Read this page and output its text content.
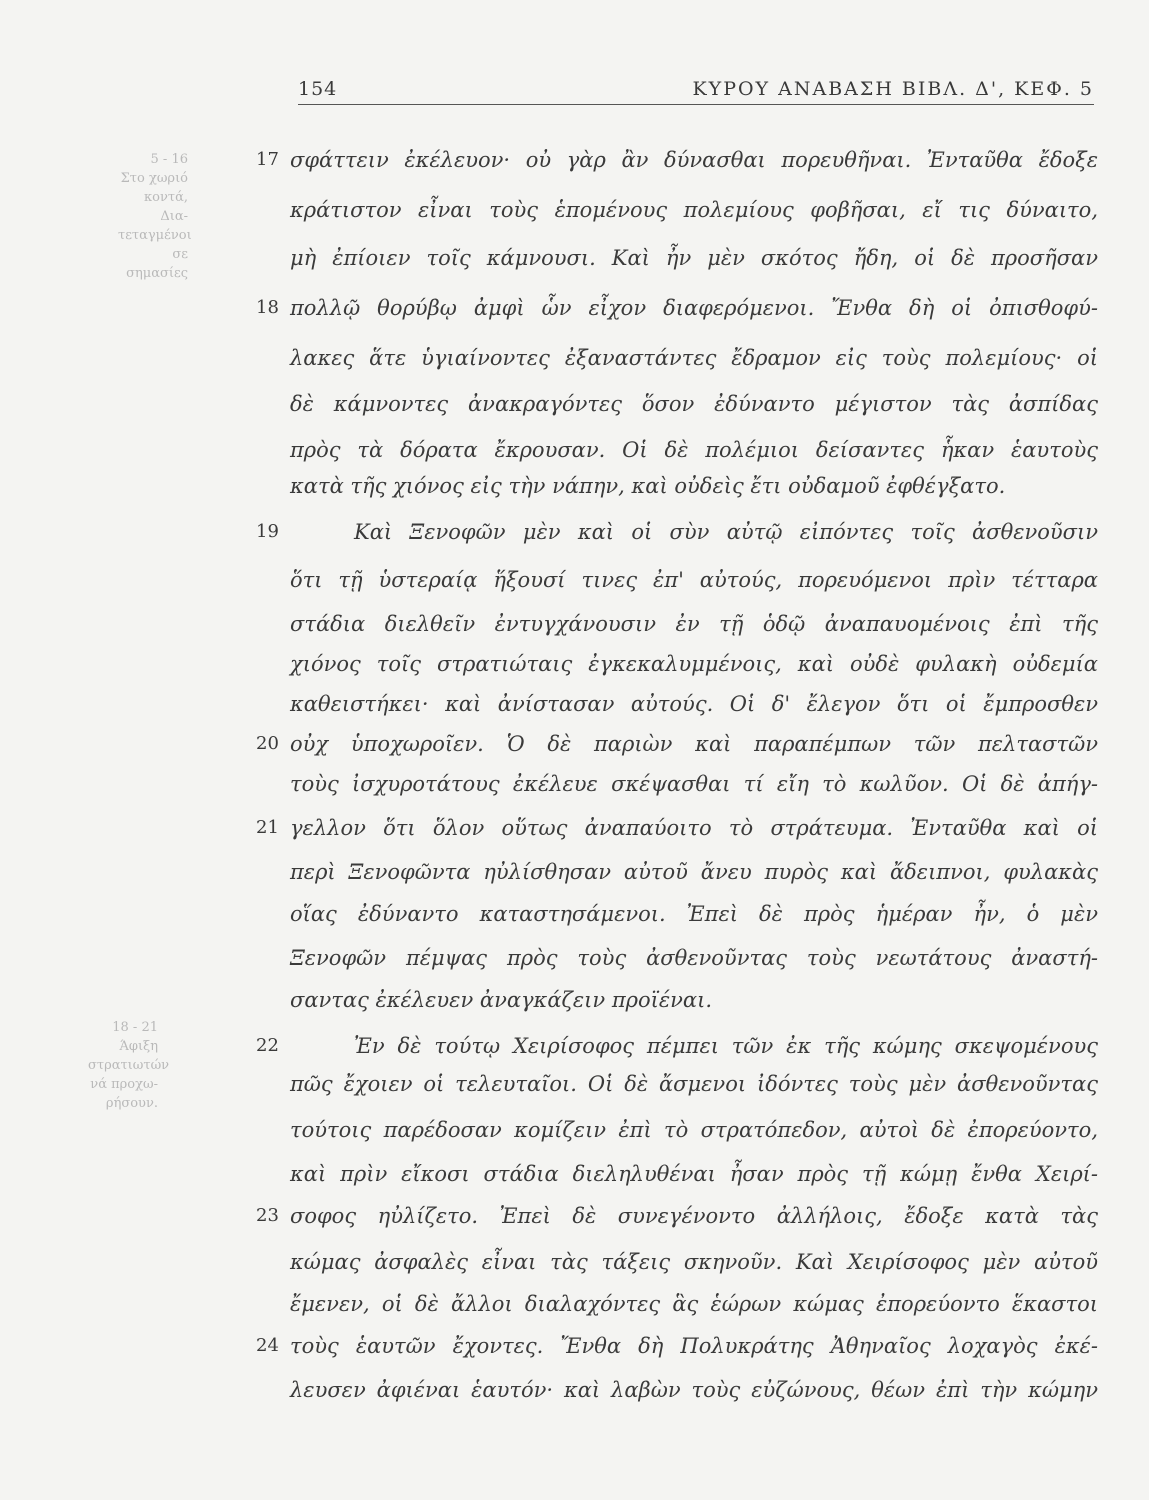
154	ΚΥΡΟΥ ΑΝΑΒΑΣΗ ΒΙΒΛ. Δ', ΚΕΦ. 5
5 - 16
Στο χωριό
κοντά, Δια-
τεταγμένοι σε
σημασίες
18 - 21
Άφιξη
στρατιωτών
νά προχω-
ρήσουν.
17 σφάττειν ἐκέλευον· οὐ γὰρ ἂν δύνασθαι πορευθῆναι. Ἐνταῦθα ἔδοξε
κράτιστον εἶναι τοὺς ἑπομένους πολεμίους φοβῆσαι, εἴ τις δύναιτο,
μὴ ἐπίοιεν τοῖς κάμνουσι. Καὶ ἦν μὲν σκότος ἤδη, οἱ δὲ προσῆσαν
18 πολλῷ θορύβῳ ἀμφὶ ὧν εἶχον διαφερόμενοι. Ἔνθα δὴ οἱ ὀπισθοφύ-
λακες ἅτε ὑγιαίνοντες ἐξαναστάντες ἔδραμον εἰς τοὺς πολεμίους· οἱ
δὲ κάμνοντες ἀνακραγόντες ὅσον ἐδύναντο μέγιστον τὰς ἀσπίδας
πρὸς τὰ δόρατα ἔκρουσαν. Οἱ δὲ πολέμιοι δείσαντες ἧκαν ἑαυτοὺς
κατὰ τῆς χιόνος εἰς τὴν νάπην, καὶ οὐδεὶς ἔτι οὐδαμοῦ ἐφθέγξατο.
19	Καὶ Ξενοφῶν μὲν καὶ οἱ σὺν αὐτῷ εἰπόντες τοῖς ἀσθενοῦσιν
ὅτι τῇ ὑστεραίᾳ ἥξουσί τινες ἐπ' αὐτούς, πορευόμενοι πρὶν τέτταρα
στάδια διελθεῖν ἐντυγχάνουσιν ἐν τῇ ὁδῷ ἀναπαυομένοις ἐπὶ τῆς
χιόνος τοῖς στρατιώταις ἐγκεκαλυμμένοις, καὶ οὐδὲ φυλακὴ οὐδεμία
καθειστήκει· καὶ ἀνίστασαν αὐτούς. Οἱ δ' ἔλεγον ὅτι οἱ ἔμπροσθεν
20 οὐχ ὑποχωροῖεν. Ὁ δὲ παριὼν καὶ παραπέμπων τῶν πελταστῶν
τοὺς ἰσχυροτάτους ἐκέλευε σκέψασθαι τί εἴη τὸ κωλῦον. Οἱ δὲ ἀπήγ-
21 γελλον ὅτι ὅλον οὕτως ἀναπαύοιτο τὸ στράτευμα. Ἐνταῦθα καὶ οἱ
περὶ Ξενοφῶντα ηὐλίσθησαν αὐτοῦ ἄνευ πυρὸς καὶ ἄδειπνοι, φυλακὰς
οἵας ἐδύναντο καταστησάμενοι. Ἐπεὶ δὲ πρὸς ἡμέραν ἦν, ὁ μὲν
Ξενοφῶν πέμψας πρὸς τοὺς ἀσθενοῦντας τοὺς νεωτάτους ἀναστή-
σαντας ἐκέλευεν ἀναγκάζειν προϊέναι.
22	Ἐν δὲ τούτῳ Χειρίσοφος πέμπει τῶν ἐκ τῆς κώμης σκεψομένους
πῶς ἔχοιεν οἱ τελευταῖοι. Οἱ δὲ ἄσμενοι ἰδόντες τοὺς μὲν ἀσθενοῦντας
τούτοις παρέδοσαν κομίζειν ἐπὶ τὸ στρατόπεδον, αὐτοὶ δὲ ἐπορεύοντο,
καὶ πρὶν εἴκοσι στάδια διεληλυθέναι ἦσαν πρὸς τῇ κώμῃ ἔνθα Χειρί-
23 σοφος ηὐλίζετο. Ἐπεὶ δὲ συνεγένοντο ἀλλήλοις, ἔδοξε κατὰ τὰς
κώμας ἀσφαλὲς εἶναι τὰς τάξεις σκηνοῦν. Καὶ Χειρίσοφος μὲν αὐτοῦ
ἔμενεν, οἱ δὲ ἄλλοι διαλαχόντες ἃς ἑώρων κώμας ἐπορεύοντο ἕκαστοι
24 τοὺς ἑαυτῶν ἔχοντες. Ἔνθα δὴ Πολυκράτης Ἀθηναῖος λοχαγὸς ἐκέ-
λευσεν ἀφιέναι ἑαυτόν· καὶ λαβὼν τοὺς εὐζώνους, θέων ἐπὶ τὴν κώμην
